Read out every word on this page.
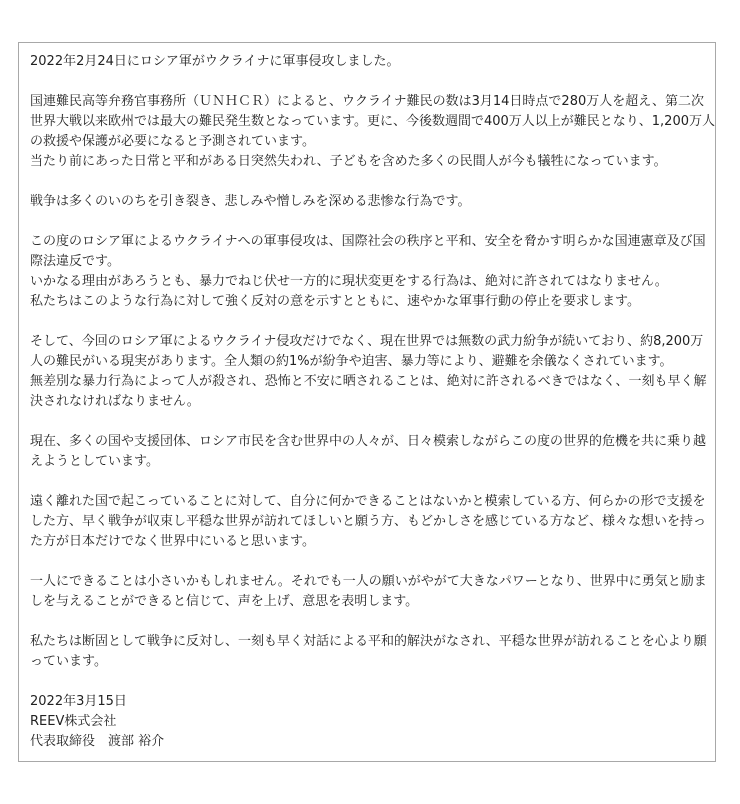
2022年2月24日にロシア軍がウクライナに軍事侵攻しました。
国連難民高等弁務官事務所（ＵＮＨＣＲ）によると、ウクライナ難民の数は3月14日時点で280万人を超え、第二次
世界大戦以来欧州では最大の難民発生数となっています。更に、今後数週間で400万人以上が難民となり、1,200万人
の救援や保護が必要になると予測されています。
当たり前にあった日常と平和がある日突然失われ、子どもを含めた多くの民間人が今も犠牲になっています。
戦争は多くのいのちを引き裂き、悲しみや憎しみを深める悲惨な行為です。
この度のロシア軍によるウクライナへの軍事侵攻は、国際社会の秩序と平和、安全を脅かす明らかな国連憲章及び国
際法違反です。
いかなる理由があろうとも、暴力でねじ伏せ一方的に現状変更をする行為は、絶対に許されてはなりません。
私たちはこのような行為に対して強く反対の意を示すとともに、速やかな軍事行動の停止を要求します。
そして、今回のロシア軍によるウクライナ侵攻だけでなく、現在世界では無数の武力紛争が続いており、約8,200万
人の難民がいる現実があります。全人類の約1%が紛争や迫害、暴力等により、避難を余儀なくされています。
無差別な暴力行為によって人が殺され、恐怖と不安に晒されることは、絶対に許されるべきではなく、一刻も早く解
決されなければなりません。
現在、多くの国や支援団体、ロシア市民を含む世界中の人々が、日々模索しながらこの度の世界的危機を共に乗り越
えようとしています。
遠く離れた国で起こっていることに対して、自分に何かできることはないかと模索している方、何らかの形で支援を
した方、早く戦争が収束し平穏な世界が訪れてほしいと願う方、もどかしさを感じている方など、様々な想いを持っ
た方が日本だけでなく世界中にいると思います。
一人にできることは小さいかもしれません。それでも一人の願いがやがて大きなパワーとなり、世界中に勇気と励ま
しを与えることができると信じて、声を上げ、意思を表明します。
私たちは断固として戦争に反対し、一刻も早く対話による平和的解決がなされ、平穏な世界が訪れることを心より願
っています。
2022年3月15日
REEV株式会社
代表取締役　渡部 裕介
